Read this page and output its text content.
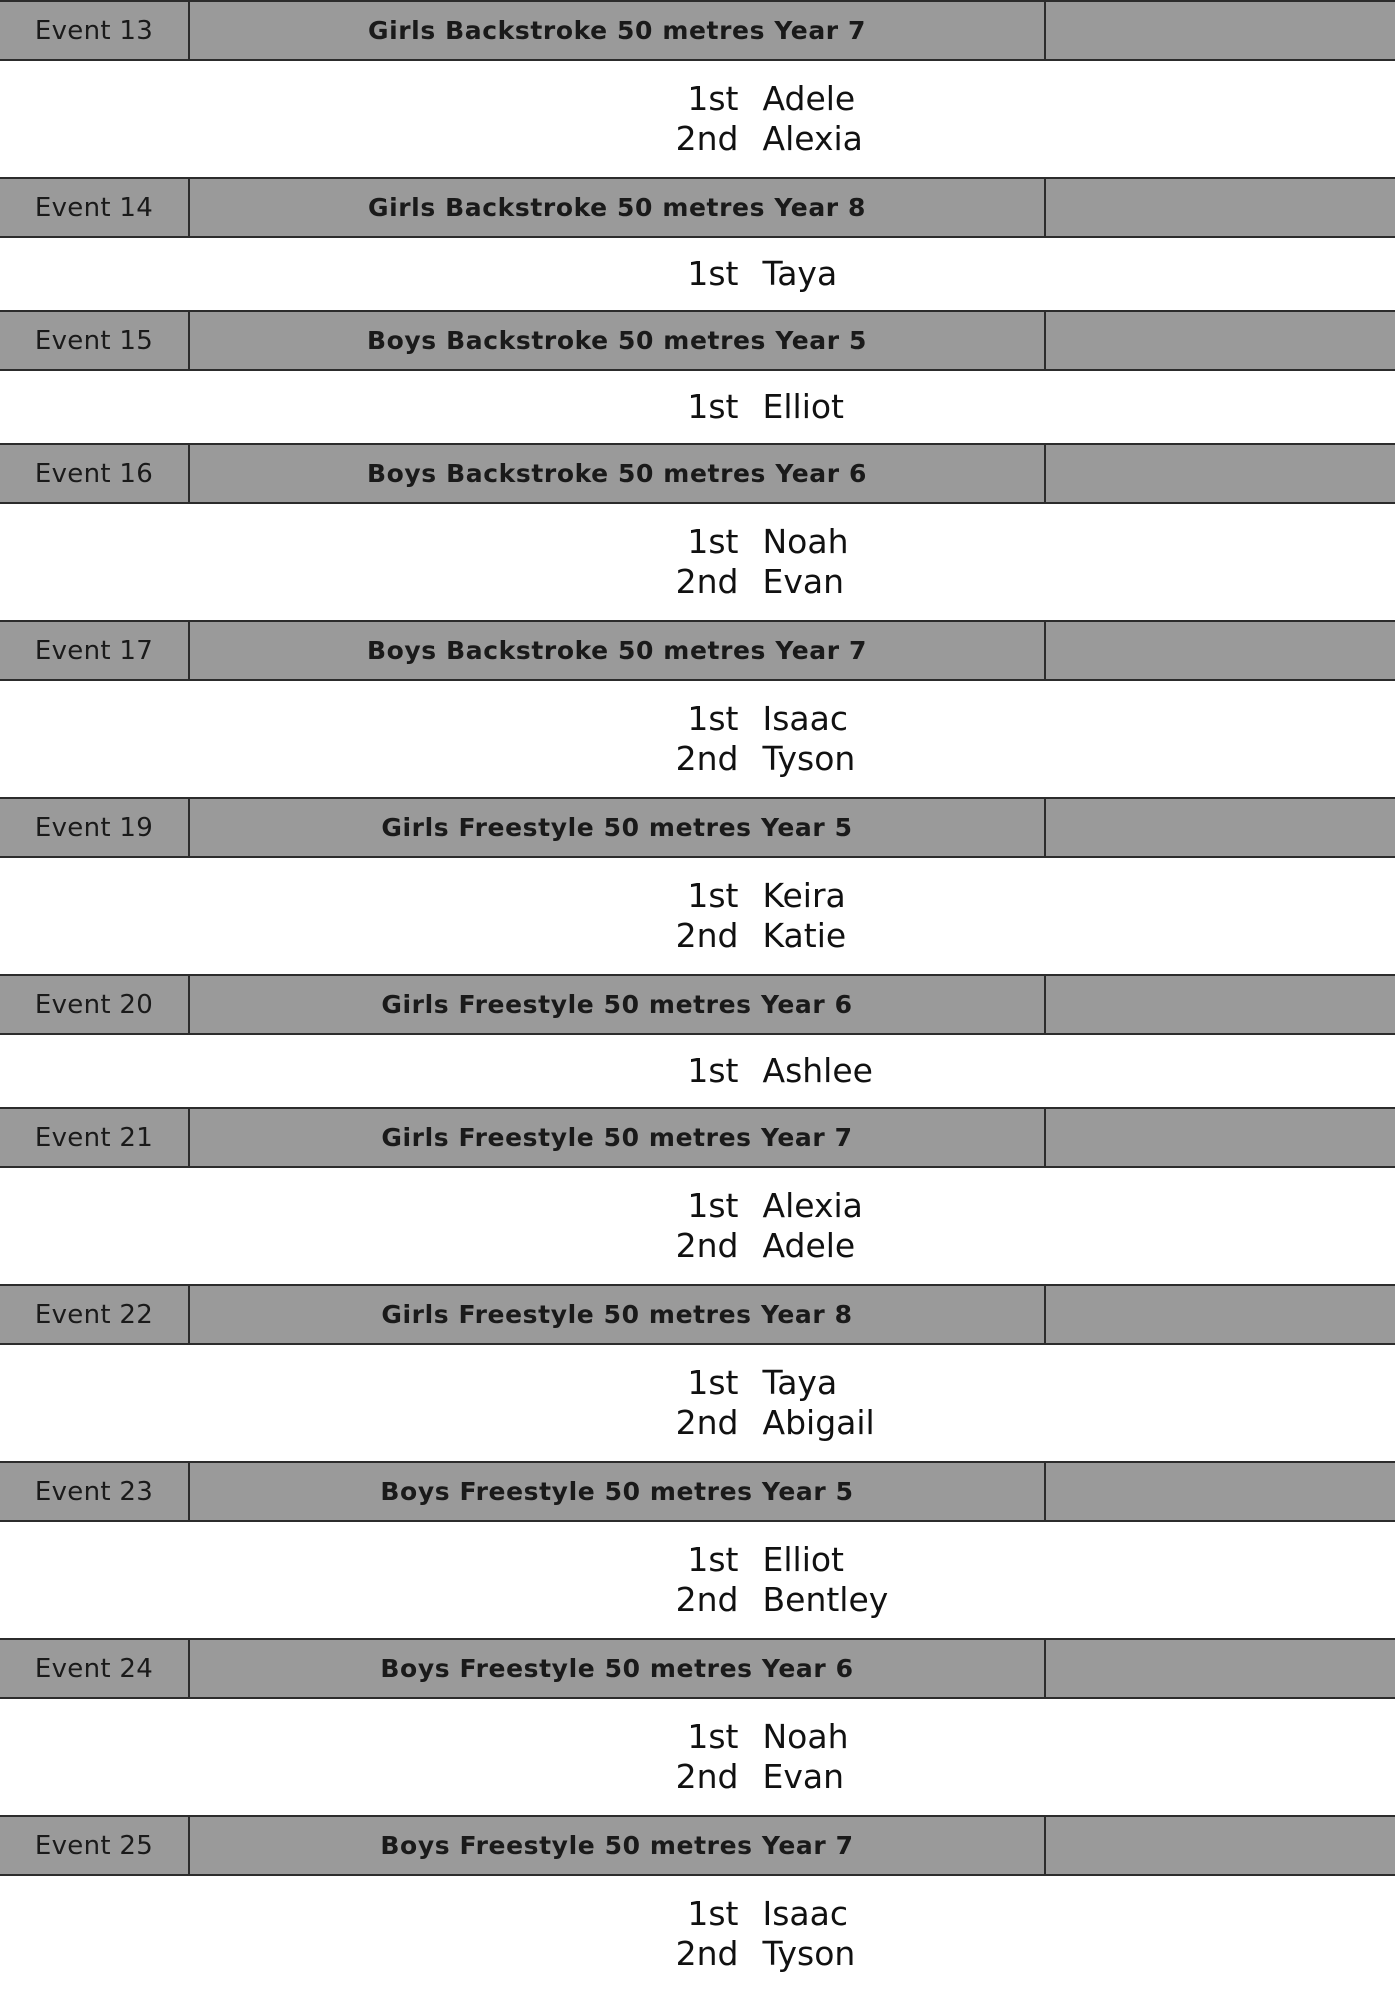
Event 13	Girls Backstroke 50 metres Year 7
1st Adele
2nd Alexia
Event 14	Girls Backstroke 50 metres Year 8
1st Taya
Event 15	Boys Backstroke 50 metres Year 5
1st Elliot
Event 16	Boys Backstroke 50 metres Year 6
1st Noah
2nd Evan
Event 17	Boys Backstroke 50 metres Year 7
1st Isaac
2nd Tyson
Event 19	Girls Freestyle 50 metres Year 5
1st Keira
2nd Katie
Event 20	Girls Freestyle 50 metres Year 6
1st Ashlee
Event 21	Girls Freestyle 50 metres Year 7
1st Alexia
2nd Adele
Event 22	Girls Freestyle 50 metres Year 8
1st Taya
2nd Abigail
Event 23	Boys Freestyle 50 metres Year 5
1st Elliot
2nd Bentley
Event 24	Boys Freestyle 50 metres Year 6
1st Noah
2nd Evan
Event 25	Boys Freestyle 50 metres Year 7
1st Isaac
2nd Tyson
